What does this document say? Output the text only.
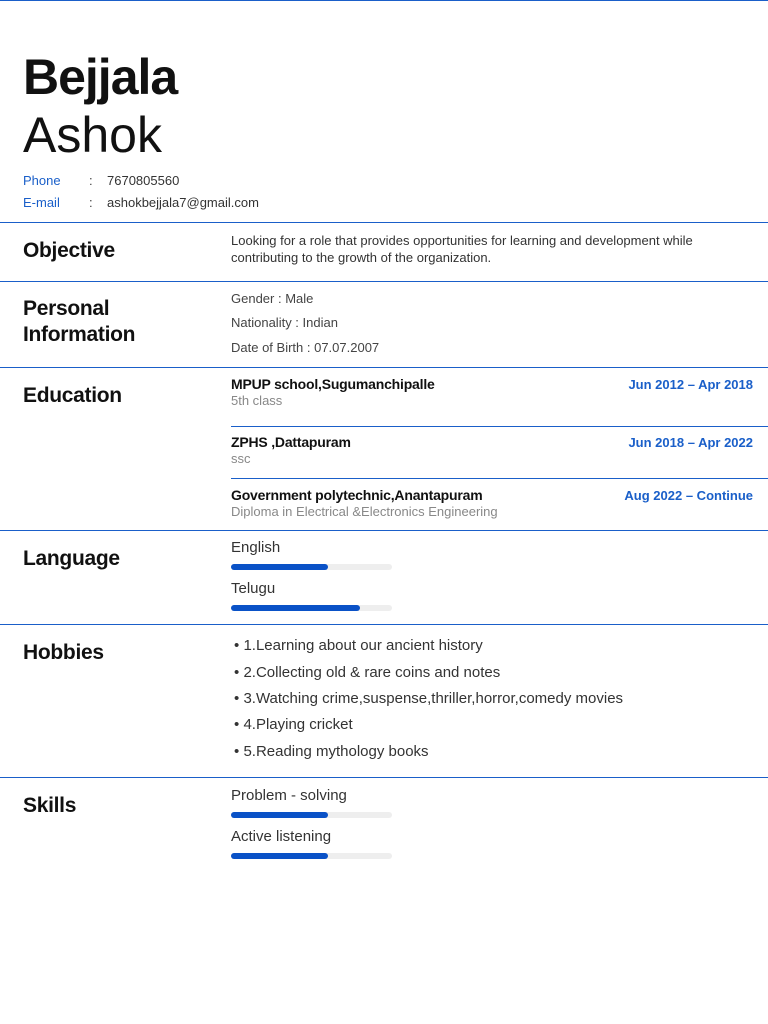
Bejjala
Ashok
Phone : 7670805560
E-mail : ashokbejjala7@gmail.com
Objective	Looking for a role that provides opportunities for learning and development while contributing to the growth of the organization.
Personal
Information
Gender : Male
Nationality : Indian
Date of Birth : 07.07.2007
Education	MPUP school,Sugumanchipalle
5th class
Jun 2012 – Apr 2018
ZPHS ,Dattapuram
ssc
Jun 2018 – Apr 2022
Government polytechnic,Anantapuram
Diploma in Electrical &Electronics Engineering
Aug 2022 – Continue
Language	English
Telugu
Hobbies	• 1.Learning about our ancient history
• 2.Collecting old & rare coins and notes
• 3.Watching crime,suspense,thriller,horror,comedy movies
• 4.Playing cricket
• 5.Reading mythology books
Skills	Problem - solving
Active listening
